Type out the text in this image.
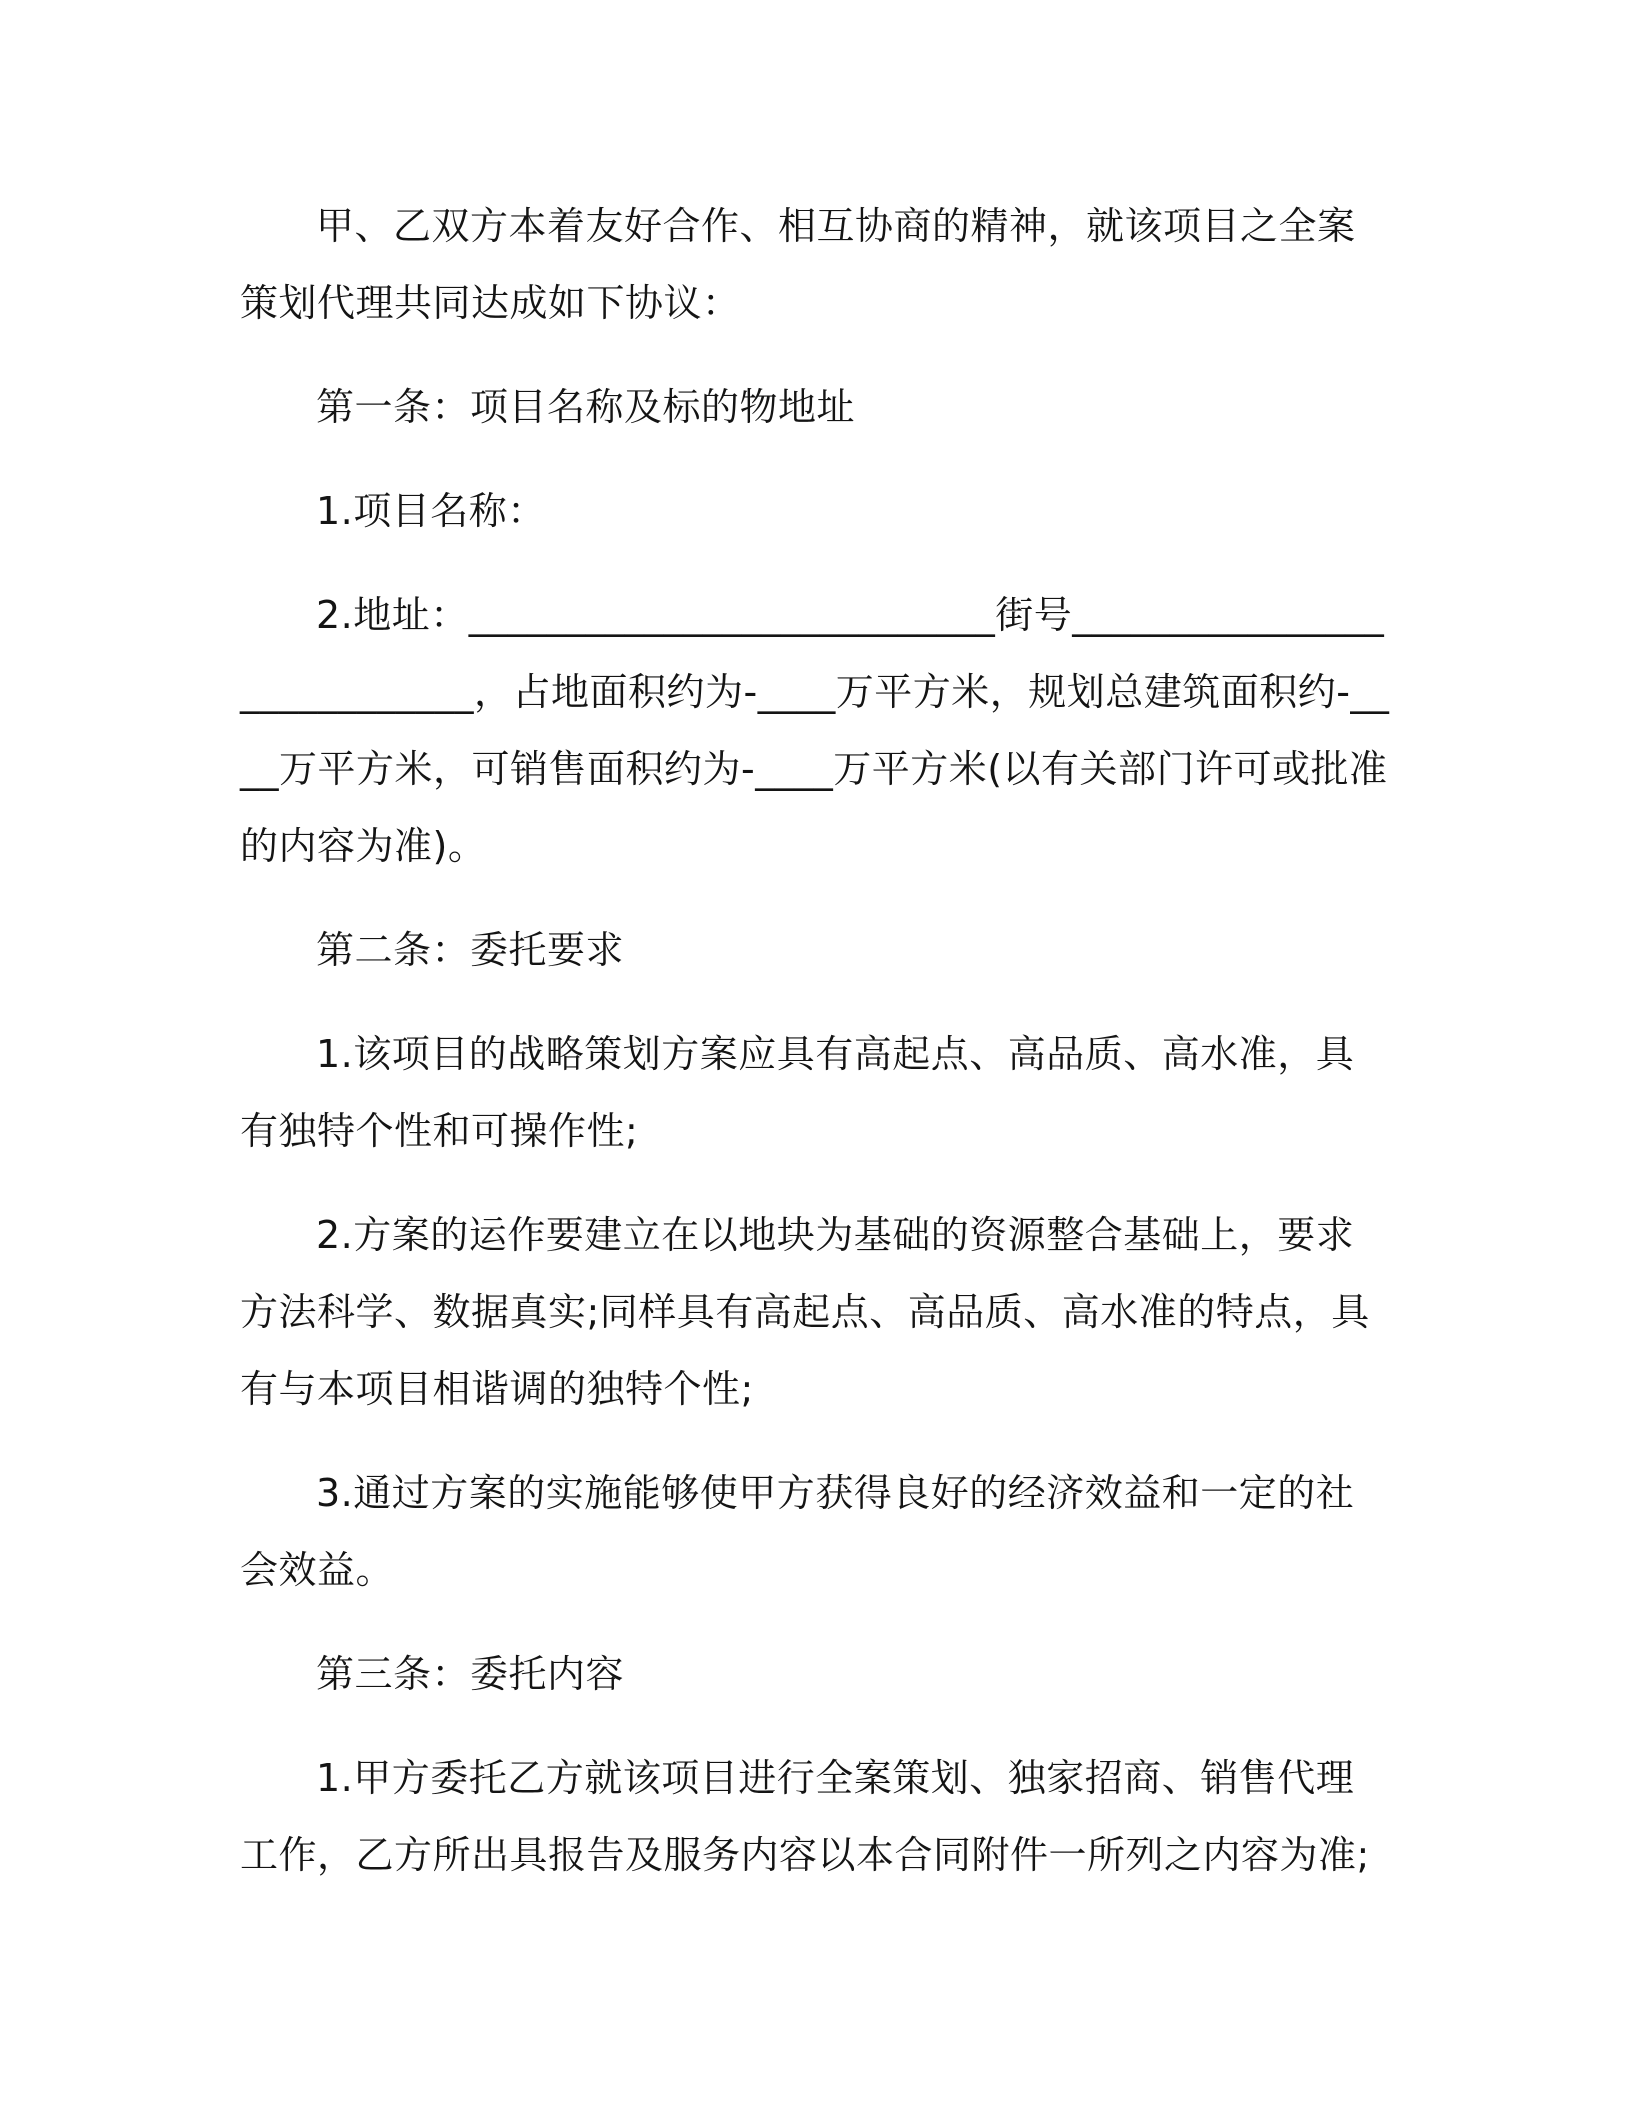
甲、乙双方本着友好合作、相互协商的精神，就该项目之全案策划代理共同达成如下协议：

第一条：项目名称及标的物地址

1.项目名称：

2.地址：___________________________街号____________________________，占地面积约为-____万平方米，规划总建筑面积约-____万平方米，可销售面积约为-____万平方米(以有关部门许可或批准的内容为准)。

第二条：委托要求

1.该项目的战略策划方案应具有高起点、高品质、高水准，具有独特个性和可操作性;

2.方案的运作要建立在以地块为基础的资源整合基础上，要求方法科学、数据真实;同样具有高起点、高品质、高水准的特点，具有与本项目相谐调的独特个性;

3.通过方案的实施能够使甲方获得良好的经济效益和一定的社会效益。

第三条：委托内容

1.甲方委托乙方就该项目进行全案策划、独家招商、销售代理工作，乙方所出具报告及服务内容以本合同附件一所列之内容为准;
